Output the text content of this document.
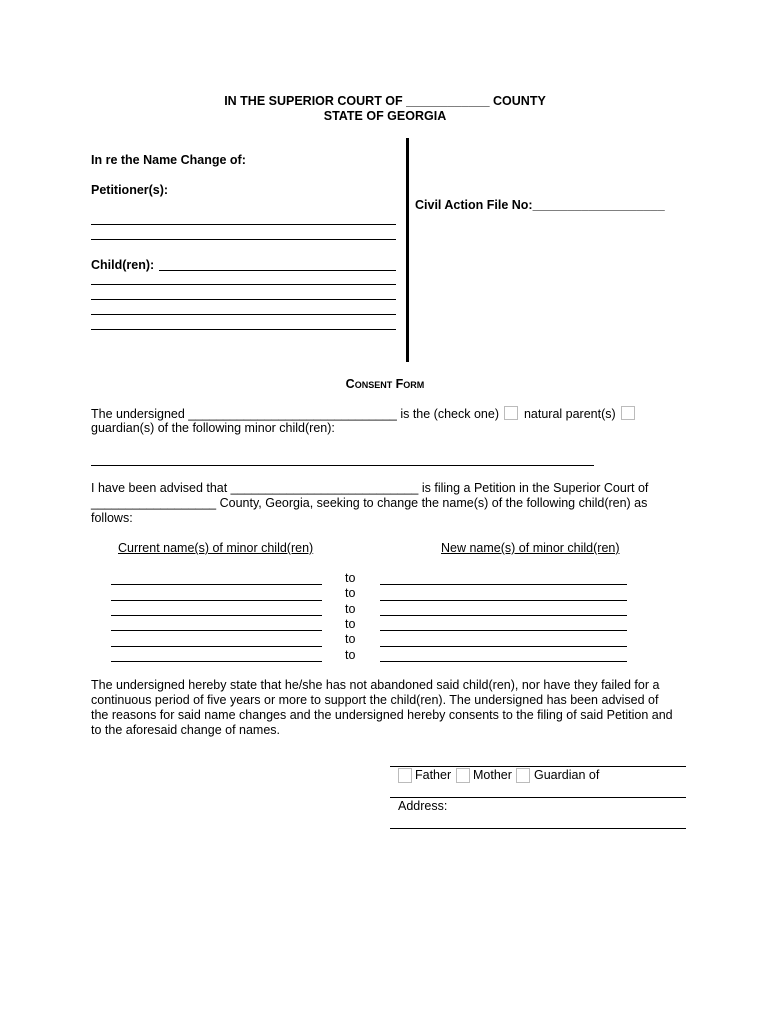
IN THE SUPERIOR COURT OF ____________ COUNTY
STATE OF GEORGIA
In re the Name Change of:
Petitioner(s):
Child(ren):
Civil Action File No:___________________
Consent Form
The undersigned ______________________________ is the (check one) natural parent(s)
guardian(s) of the following minor child(ren):
I have been advised that ___________________________ is filing a Petition in the Superior Court of
__________________ County, Georgia, seeking to change the name(s) of the following child(ren) as
follows:
Current name(s) of minor child(ren)	New name(s) of minor child(ren)
to
to
to
to
to
to
The undersigned hereby state that he/she has not abandoned said child(ren), nor have they failed for a
continuous period of five years or more to support the child(ren). The undersigned has been advised of
the reasons for said name changes and the undersigned hereby consents to the filing of said Petition and
to the aforesaid change of names.
Father Mother Guardian of
Address:
